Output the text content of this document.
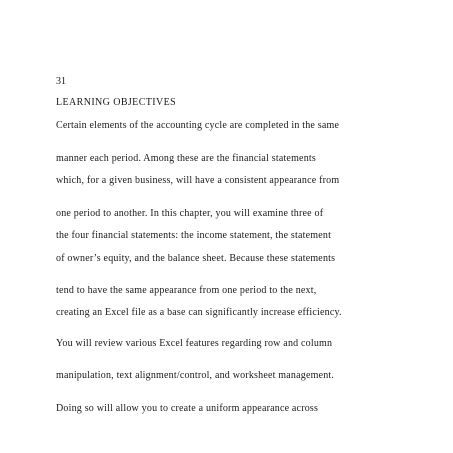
31

LEARNING OBJECTIVES

Certain elements of the accounting cycle are completed in the same

manner each period. Among these are the financial statements

which, for a given business, will have a consistent appearance from

one period to another. In this chapter, you will examine three of

the four financial statements: the income statement, the statement

of owner’s equity, and the balance sheet. Because these statements

tend to have the same appearance from one period to the next,

creating an Excel file as a base can significantly increase efficiency.

You will review various Excel features regarding row and column

manipulation, text alignment/control, and worksheet management.

Doing so will allow you to create a uniform appearance across
